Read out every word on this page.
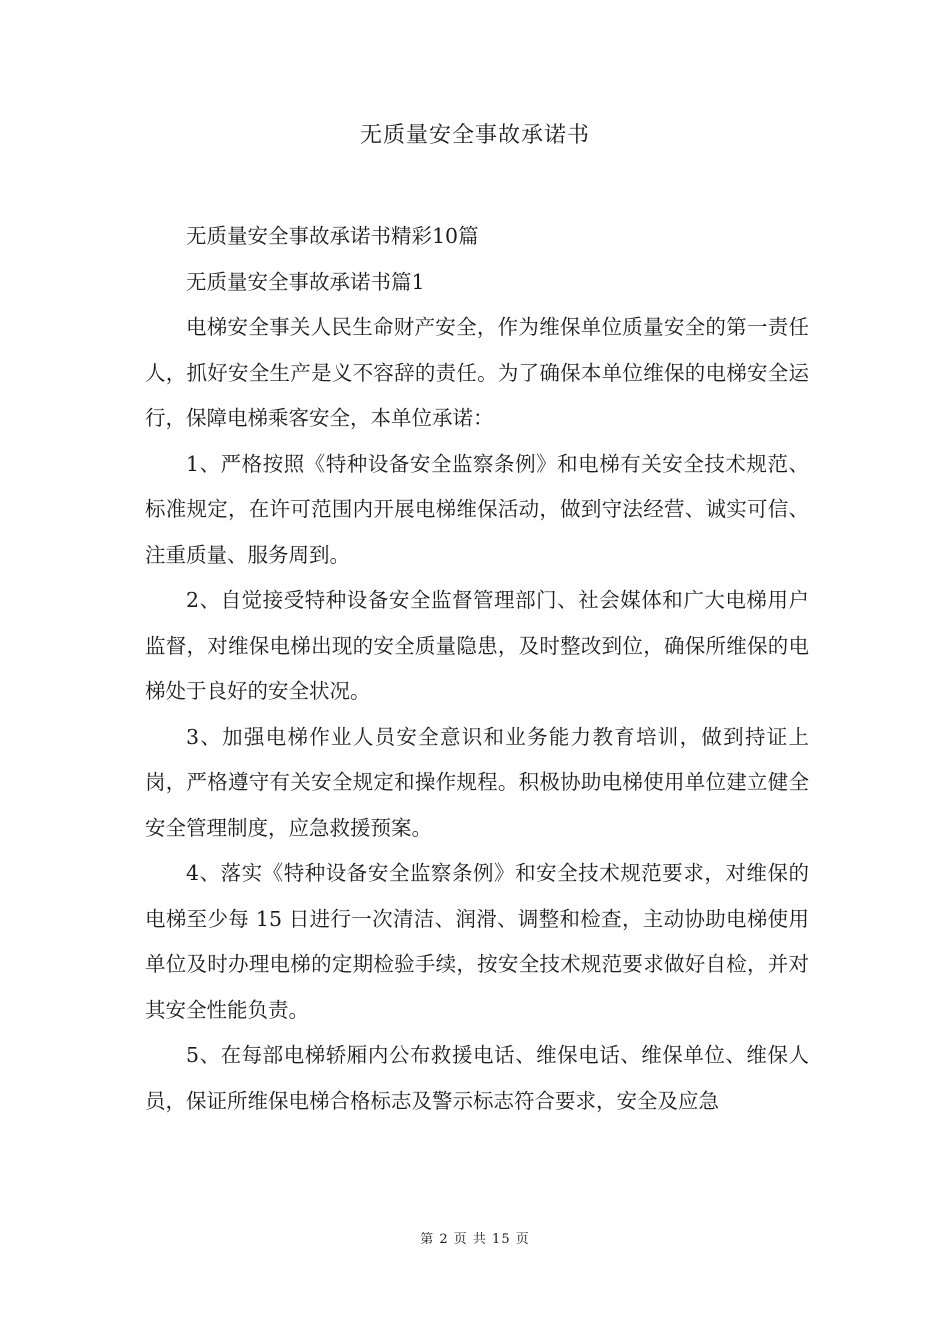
无质量安全事故承诺书

无质量安全事故承诺书精彩10篇

无质量安全事故承诺书篇1

电梯安全事关人民生命财产安全，作为维保单位质量安全的第一责任人，抓好安全生产是义不容辞的责任。为了确保本单位维保的电梯安全运行，保障电梯乘客安全，本单位承诺：

1、严格按照《特种设备安全监察条例》和电梯有关安全技术规范、标准规定，在许可范围内开展电梯维保活动，做到守法经营、诚实可信、注重质量、服务周到。

2、自觉接受特种设备安全监督管理部门、社会媒体和广大电梯用户监督，对维保电梯出现的安全质量隐患，及时整改到位，确保所维保的电梯处于良好的安全状况。

3、加强电梯作业人员安全意识和业务能力教育培训，做到持证上岗，严格遵守有关安全规定和操作规程。积极协助电梯使用单位建立健全安全管理制度，应急救援预案。

4、落实《特种设备安全监察条例》和安全技术规范要求，对维保的电梯至少每 15 日进行一次清洁、润滑、调整和检查，主动协助电梯使用单位及时办理电梯的定期检验手续，按安全技术规范要求做好自检，并对其安全性能负责。

5、在每部电梯轿厢内公布救援电话、维保电话、维保单位、维保人员，保证所维保电梯合格标志及警示标志符合要求，安全及应急

第 2 页 共 15 页
